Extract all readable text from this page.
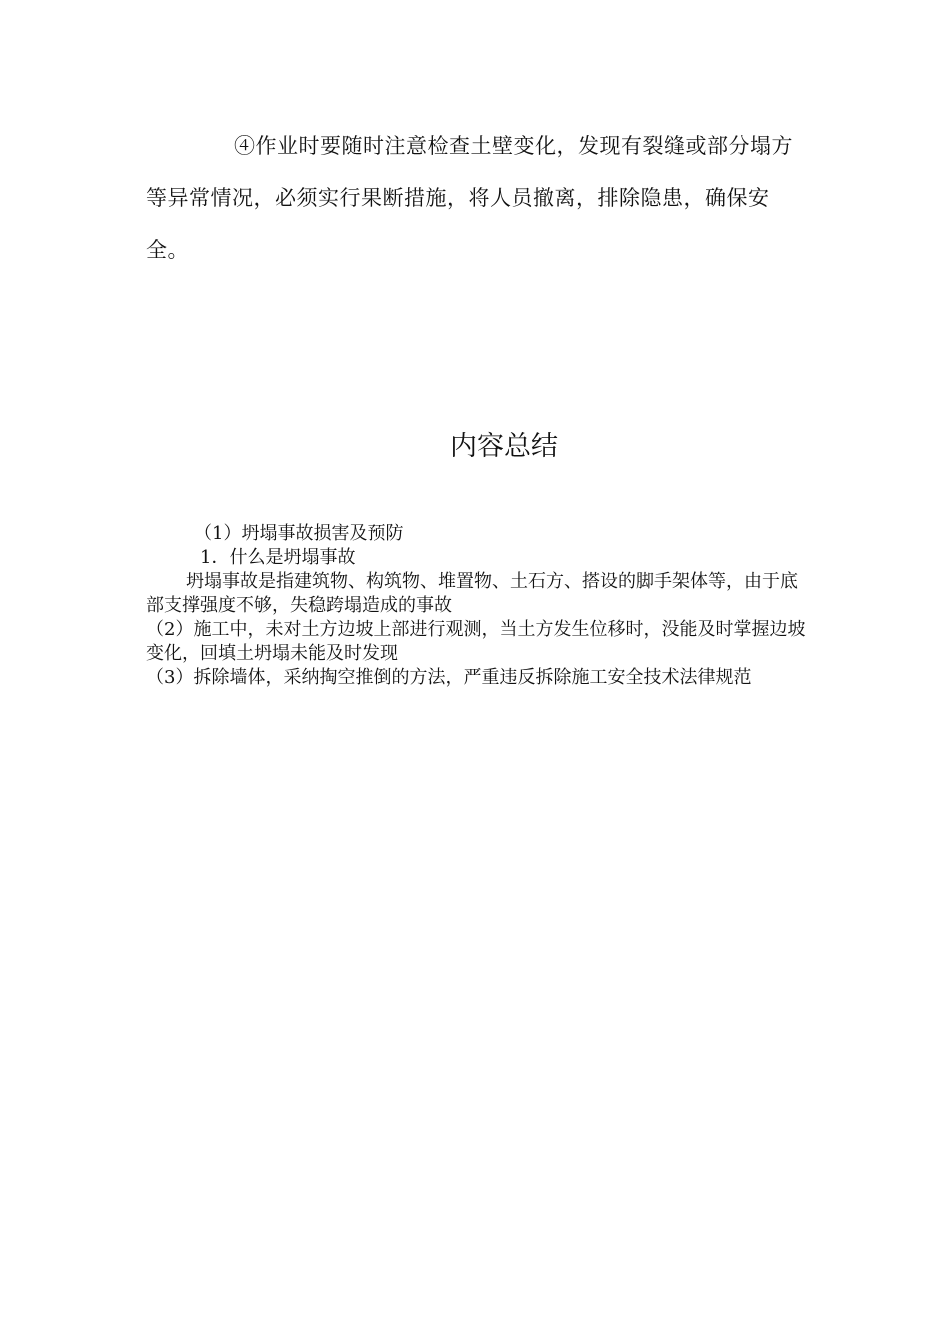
④作业时要随时注意检查土壁变化，发现有裂缝或部分塌方等异常情况，必须实行果断措施，将人员撤离，排除隐患，确保安全。

内容总结
（1）坍塌事故损害及预防
1．什么是坍塌事故
坍塌事故是指建筑物、构筑物、堆置物、土石方、搭设的脚手架体等，由于底部支撑强度不够，失稳跨塌造成的事故
（2）施工中，未对土方边坡上部进行观测，当土方发生位移时，没能及时掌握边坡变化，回填土坍塌未能及时发现
（3）拆除墙体，采纳掏空推倒的方法，严重违反拆除施工安全技术法律规范
